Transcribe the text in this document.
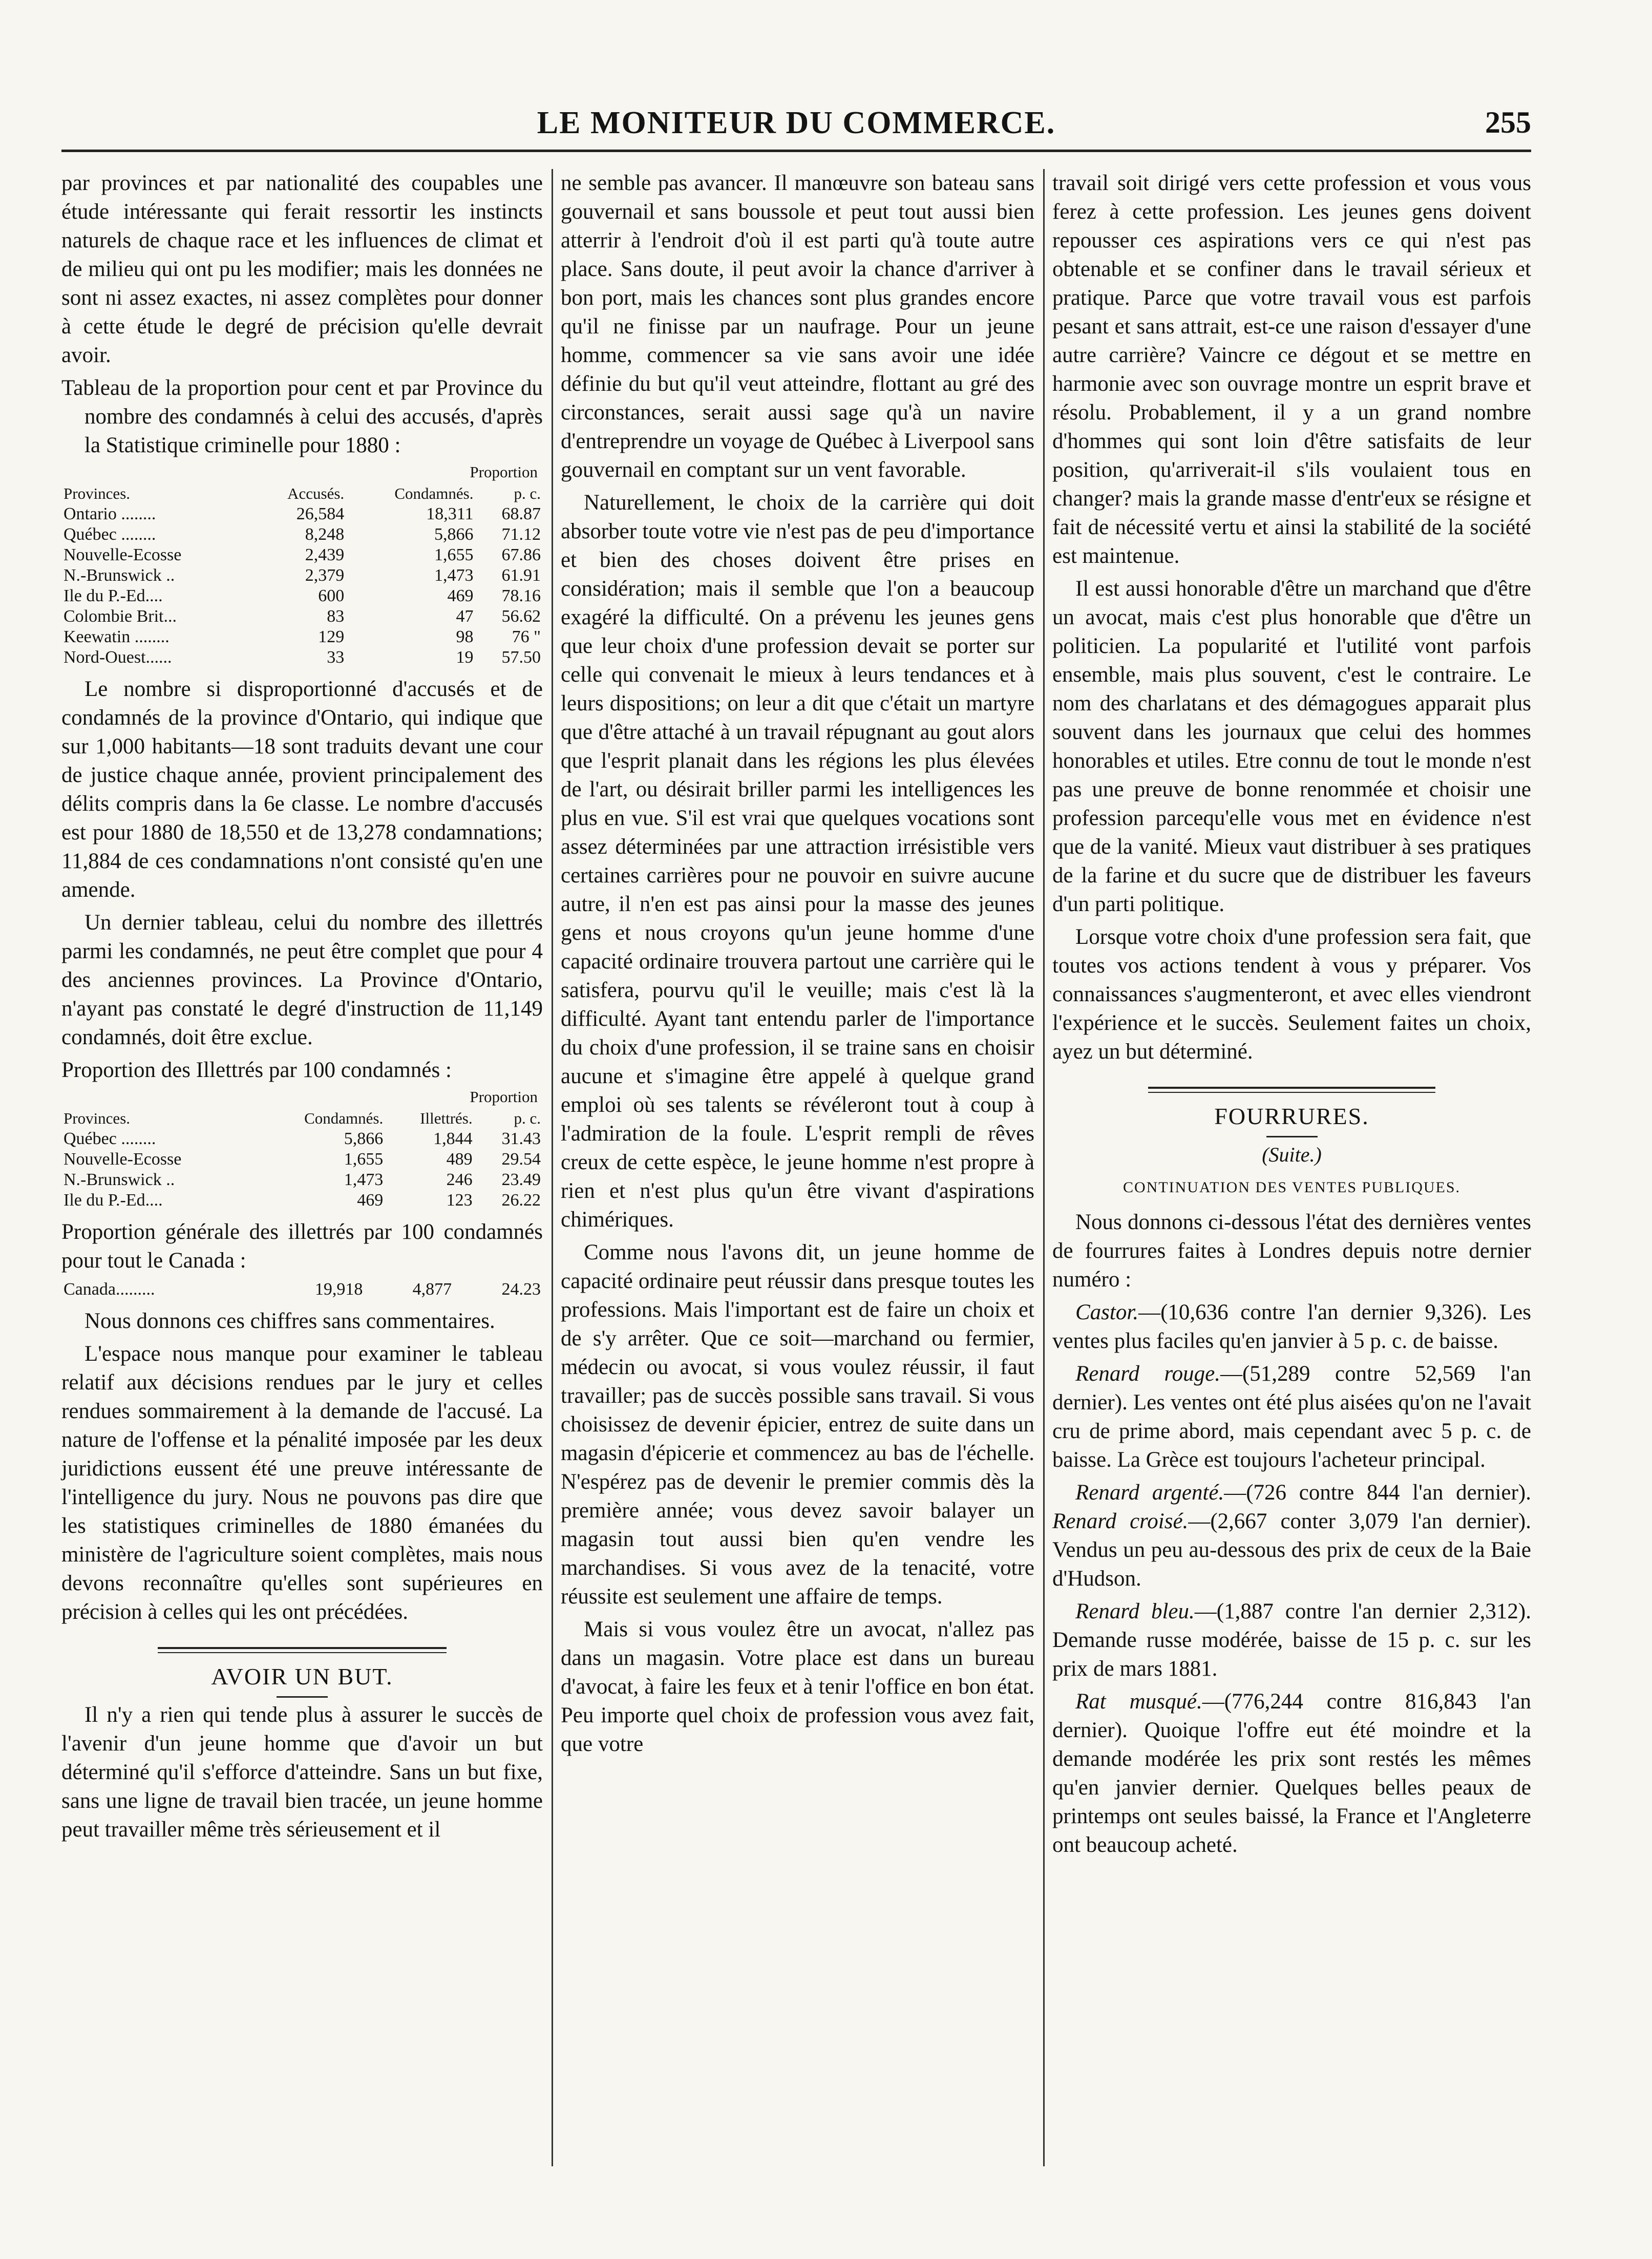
LE MONITEUR DU COMMERCE.	255

par provinces et par nationalité des coupables une étude intéressante qui ferait ressortir les instincts naturels de chaque race et les influences de climat et de milieu qui ont pu les modifier; mais les données ne sont ni assez exactes, ni assez complètes pour donner à cette étude le degré de précision qu'elle devrait avoir.

Tableau de la proportion pour cent et par Province du nombre des condamnés à celui des accusés, d'après la Statistique criminelle pour 1880 :

Proportion
Provinces.	Accusés.	Condamnés.	p. c.
Ontario ........	26,584	18,311	68.87
Québec ........	8,248	5,866	71.12
Nouvelle-Ecosse	2,439	1,655	67.86
N.-Brunswick ..	2,379	1,473	61.91
Ile du P.-Ed....	600	469	78.16
Colombie Brit...	83	47	56.62
Keewatin ........	129	98	76 "
Nord-Ouest......	33	19	57.50

Le nombre si disproportionné d'accusés et de condamnés de la province d'Ontario, qui indique que sur 1,000 habitants—18 sont traduits devant une cour de justice chaque année, provient principalement des délits compris dans la 6e classe. Le nombre d'accusés est pour 1880 de 18,550 et de 13,278 condamnations; 11,884 de ces condamnations n'ont consisté qu'en une amende.

Un dernier tableau, celui du nombre des illettrés parmi les condamnés, ne peut être complet que pour 4 des anciennes provinces. La Province d'Ontario, n'ayant pas constaté le degré d'instruction de 11,149 condamnés, doit être exclue.

Proportion des Illettrés par 100 condamnés :

Proportion
Provinces.	Condamnés.	Illettrés.	p. c.
Québec ........	5,866	1,844	31.43
Nouvelle-Ecosse	1,655	489	29.54
N.-Brunswick ..	1,473	246	23.49
Ile du P.-Ed....	469	123	26.22

Proportion générale des illettrés par 100 condamnés pour tout le Canada :

Canada.........	19,918	4,877	24.23

Nous donnons ces chiffres sans commentaires.

L'espace nous manque pour examiner le tableau relatif aux décisions rendues par le jury et celles rendues sommairement à la demande de l'accusé. La nature de l'offense et la pénalité imposée par les deux juridictions eussent été une preuve intéressante de l'intelligence du jury. Nous ne pouvons pas dire que les statistiques criminelles de 1880 émanées du ministère de l'agriculture soient complètes, mais nous devons reconnaître qu'elles sont supérieures en précision à celles qui les ont précédées.

AVOIR UN BUT.

Il n'y a rien qui tende plus à assurer le succès de l'avenir d'un jeune homme que d'avoir un but déterminé qu'il s'efforce d'atteindre. Sans un but fixe, sans une ligne de travail bien tracée, un jeune homme peut travailler même très sérieusement et il

ne semble pas avancer. Il manœuvre son bateau sans gouvernail et sans boussole et peut tout aussi bien atterrir à l'endroit d'où il est parti qu'à toute autre place. Sans doute, il peut avoir la chance d'arriver à bon port, mais les chances sont plus grandes encore qu'il ne finisse par un naufrage. Pour un jeune homme, commencer sa vie sans avoir une idée définie du but qu'il veut atteindre, flottant au gré des circonstances, serait aussi sage qu'à un navire d'entreprendre un voyage de Québec à Liverpool sans gouvernail en comptant sur un vent favorable.

Naturellement, le choix de la carrière qui doit absorber toute votre vie n'est pas de peu d'importance et bien des choses doivent être prises en considération; mais il semble que l'on a beaucoup exagéré la difficulté. On a prévenu les jeunes gens que leur choix d'une profession devait se porter sur celle qui convenait le mieux à leurs tendances et à leurs dispositions; on leur a dit que c'était un martyre que d'être attaché à un travail répugnant au gout alors que l'esprit planait dans les régions les plus élevées de l'art, ou désirait briller parmi les intelligences les plus en vue. S'il est vrai que quelques vocations sont assez déterminées par une attraction irrésistible vers certaines carrières pour ne pouvoir en suivre aucune autre, il n'en est pas ainsi pour la masse des jeunes gens et nous croyons qu'un jeune homme d'une capacité ordinaire trouvera partout une carrière qui le satisfera, pourvu qu'il le veuille; mais c'est là la difficulté. Ayant tant entendu parler de l'importance du choix d'une profession, il se traine sans en choisir aucune et s'imagine être appelé à quelque grand emploi où ses talents se révéleront tout à coup à l'admiration de la foule. L'esprit rempli de rêves creux de cette espèce, le jeune homme n'est propre à rien et n'est plus qu'un être vivant d'aspirations chimériques.

Comme nous l'avons dit, un jeune homme de capacité ordinaire peut réussir dans presque toutes les professions. Mais l'important est de faire un choix et de s'y arrêter. Que ce soit—marchand ou fermier, médecin ou avocat, si vous voulez réussir, il faut travailler; pas de succès possible sans travail. Si vous choisissez de devenir épicier, entrez de suite dans un magasin d'épicerie et commencez au bas de l'échelle. N'espérez pas de devenir le premier commis dès la première année; vous devez savoir balayer un magasin tout aussi bien qu'en vendre les marchandises. Si vous avez de la tenacité, votre réussite est seulement une affaire de temps.

Mais si vous voulez être un avocat, n'allez pas dans un magasin. Votre place est dans un bureau d'avocat, à faire les feux et à tenir l'office en bon état. Peu importe quel choix de profession vous avez fait, que votre

travail soit dirigé vers cette profession et vous vous ferez à cette profession. Les jeunes gens doivent repousser ces aspirations vers ce qui n'est pas obtenable et se confiner dans le travail sérieux et pratique. Parce que votre travail vous est parfois pesant et sans attrait, est-ce une raison d'essayer d'une autre carrière? Vaincre ce dégout et se mettre en harmonie avec son ouvrage montre un esprit brave et résolu. Probablement, il y a un grand nombre d'hommes qui sont loin d'être satisfaits de leur position, qu'arriverait-il s'ils voulaient tous en changer? mais la grande masse d'entr'eux se résigne et fait de nécessité vertu et ainsi la stabilité de la société est maintenue.

Il est aussi honorable d'être un marchand que d'être un avocat, mais c'est plus honorable que d'être un politicien. La popularité et l'utilité vont parfois ensemble, mais plus souvent, c'est le contraire. Le nom des charlatans et des démagogues apparait plus souvent dans les journaux que celui des hommes honorables et utiles. Etre connu de tout le monde n'est pas une preuve de bonne renommée et choisir une profession parcequ'elle vous met en évidence n'est que de la vanité. Mieux vaut distribuer à ses pratiques de la farine et du sucre que de distribuer les faveurs d'un parti politique.

Lorsque votre choix d'une profession sera fait, que toutes vos actions tendent à vous y préparer. Vos connaissances s'augmenteront, et avec elles viendront l'expérience et le succès. Seulement faites un choix, ayez un but déterminé.

FOURRURES.
(Suite.)
CONTINUATION DES VENTES PUBLIQUES.

Nous donnons ci-dessous l'état des dernières ventes de fourrures faites à Londres depuis notre dernier numéro :

Castor.—(10,636 contre l'an dernier 9,326). Les ventes plus faciles qu'en janvier à 5 p. c. de baisse.

Renard rouge.—(51,289 contre 52,569 l'an dernier). Les ventes ont été plus aisées qu'on ne l'avait cru de prime abord, mais cependant avec 5 p. c. de baisse. La Grèce est toujours l'acheteur principal.

Renard argenté.—(726 contre 844 l'an dernier). Renard croisé.—(2,667 conter 3,079 l'an dernier). Vendus un peu au-dessous des prix de ceux de la Baie d'Hudson.

Renard bleu.—(1,887 contre l'an dernier 2,312). Demande russe modérée, baisse de 15 p. c. sur les prix de mars 1881.

Rat musqué.—(776,244 contre 816,843 l'an dernier). Quoique l'offre eut été moindre et la demande modérée les prix sont restés les mêmes qu'en janvier dernier. Quelques belles peaux de printemps ont seules baissé, la France et l'Angleterre ont beaucoup acheté.
